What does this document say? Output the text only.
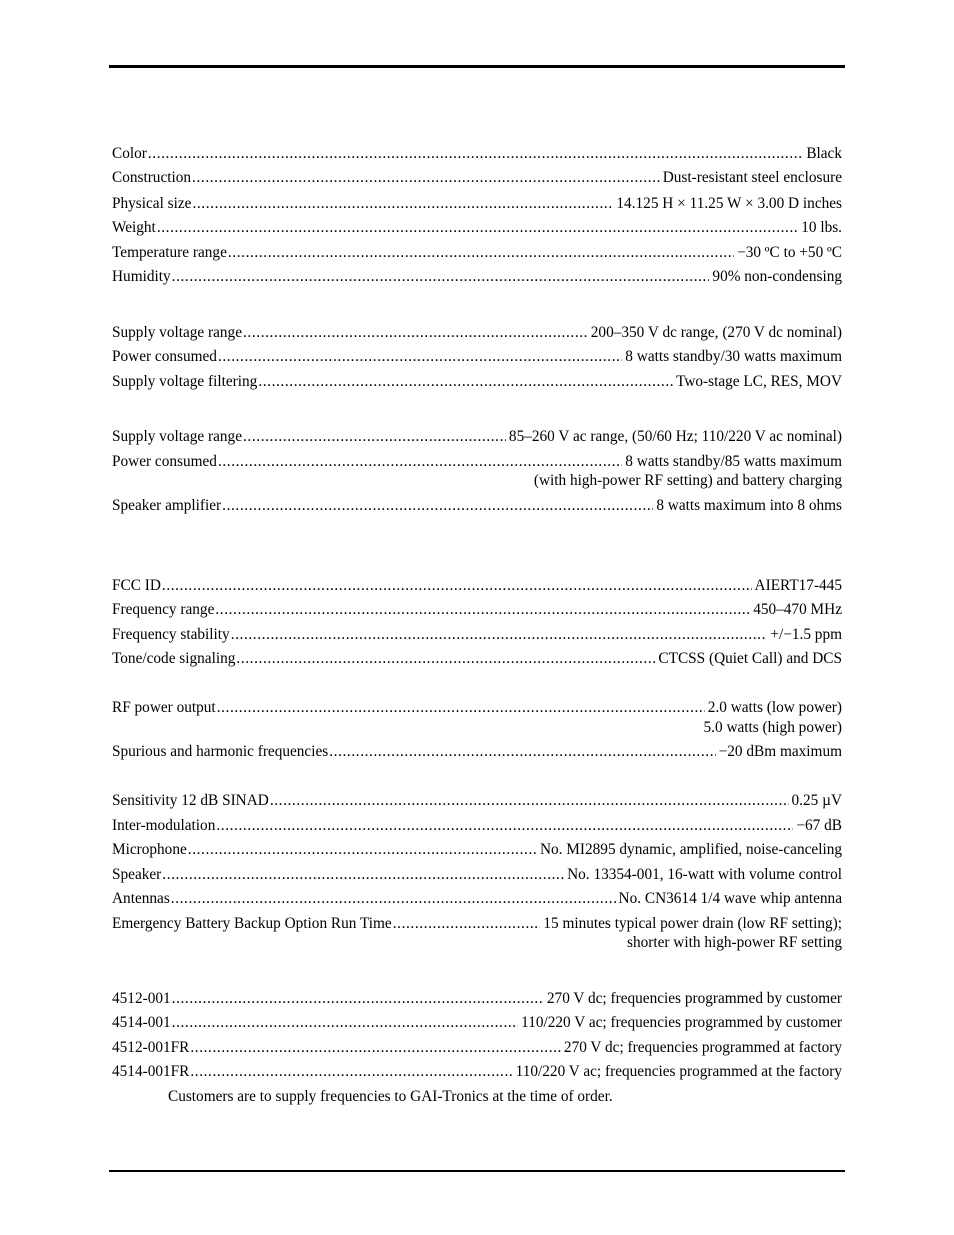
Color .....	Black
Construction .....	Dust-resistant steel enclosure
Physical size .....	14.125 H × 11.25 W × 3.00 D inches
Weight .....	10 lbs.
Temperature range .....	−30 ºC to +50 ºC
Humidity .....	90% non-condensing
Supply voltage range .....	200–350 V dc range, (270 V dc nominal)
Power consumed .....	8 watts standby/30 watts maximum
Supply voltage filtering .....	Two-stage LC, RES, MOV
Supply voltage range .....	85–260 V ac range, (50/60 Hz; 110/220 V ac nominal)
Power consumed .....	8 watts standby/85 watts maximum
(with high-power RF setting) and battery charging
Speaker amplifier .....	8 watts maximum into 8 ohms
FCC ID .....	AIERT17-445
Frequency range .....	450–470 MHz
Frequency stability .....	+/−1.5 ppm
Tone/code signaling .....	CTCSS (Quiet Call) and DCS
RF power output .....	2.0 watts (low power)
5.0 watts (high power)
Spurious and harmonic frequencies .....	−20 dBm maximum
Sensitivity 12 dB SINAD .....	0.25 µV
Inter-modulation .....	−67 dB
Microphone .....	No. MI2895 dynamic, amplified, noise-canceling
Speaker .....	No. 13354-001, 16-watt with volume control
Antennas .....	No. CN3614 1/4 wave whip antenna
Emergency Battery Backup Option Run Time .....	15 minutes typical power drain (low RF setting);
shorter with high-power RF setting
4512-001 .....	270 V dc; frequencies programmed by customer
4514-001 .....	110/220 V ac; frequencies programmed by customer
4512-001FR .....	270 V dc; frequencies programmed at factory
4514-001FR .....	110/220 V ac; frequencies programmed at the factory
Customers are to supply frequencies to GAI-Tronics at the time of order.
